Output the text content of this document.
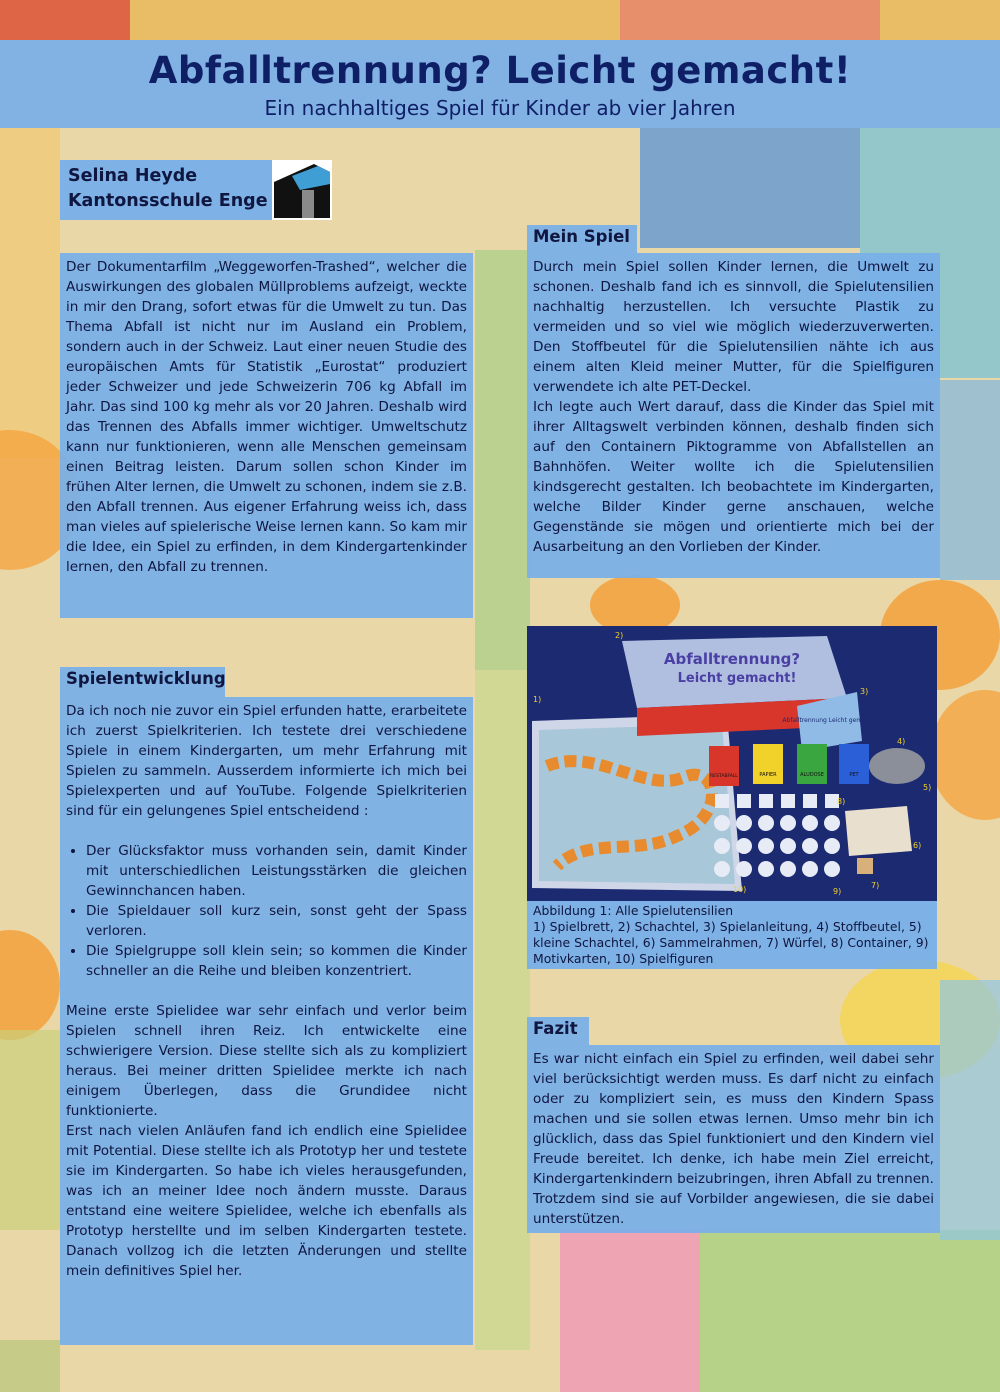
Abfalltrennung? Leicht gemacht!
Ein nachhaltiges Spiel für Kinder ab vier Jahren
Selina Heyde
Kantonsschule Enge
Der Dokumentarfilm „Weggeworfen-Trashed“, welcher die Auswirkungen des globalen Müllproblems aufzeigt, weckte in mir den Drang, sofort etwas für die Umwelt zu tun. Das Thema Abfall ist nicht nur im Ausland ein Problem, sondern auch in der Schweiz. Laut einer neuen Studie des europäischen Amts für Statistik „Eurostat“ produziert jeder Schweizer und jede Schweizerin 706 kg Abfall im Jahr. Das sind 100 kg mehr als vor 20 Jahren. Deshalb wird das Trennen des Abfalls immer wichtiger. Umweltschutz kann nur funktionieren, wenn alle Menschen gemeinsam einen Beitrag leisten. Darum sollen schon Kinder im frühen Alter lernen, die Umwelt zu schonen, indem sie z.B. den Abfall trennen. Aus eigener Erfahrung weiss ich, dass man vieles auf spielerische Weise lernen kann. So kam mir die Idee, ein Spiel zu erfinden, in dem Kindergartenkinder lernen, den Abfall zu trennen.
Mein Spiel

Durch mein Spiel sollen Kinder lernen, die Umwelt zu schonen. Deshalb fand ich es sinnvoll, die Spielutensilien nachhaltig herzustellen. Ich versuchte Plastik zu vermeiden und so viel wie möglich wiederzuverwerten. Den Stoffbeutel für die Spielutensilien nähte ich aus einem alten Kleid meiner Mutter, für die Spielfiguren verwendete ich alte PET-Deckel.

Ich legte auch Wert darauf, dass die Kinder das Spiel mit ihrer Alltagswelt verbinden können, deshalb finden sich auf den Containern Piktogramme von Abfallstellen an Bahnhöfen. Weiter wollte ich die Spielutensilien kindsgerecht gestalten. Ich beobachtete im Kindergarten, welche Bilder Kinder gerne anschauen, welche Gegenstände sie mögen und orientierte mich bei der Ausarbeitung an den Vorlieben der Kinder.

Spielentwicklung

Da ich noch nie zuvor ein Spiel erfunden hatte, erarbeitete ich zuerst Spielkriterien. Ich testete drei verschiedene Spiele in einem Kindergarten, um mehr Erfahrung mit Spielen zu sammeln. Ausserdem informierte ich mich bei Spielexperten und auf YouTube. Folgende Spielkriterien sind für ein gelungenes Spiel entscheidend :

• Der Glücksfaktor muss vorhanden sein, damit Kinder mit unterschiedlichen Leistungsstärken die gleichen Gewinnchancen haben.
• Die Spieldauer soll kurz sein, sonst geht der Spass verloren.
• Die Spielgruppe soll klein sein; so kommen die Kinder schneller an die Reihe und bleiben konzentriert.

Meine erste Spielidee war sehr einfach und verlor beim Spielen schnell ihren Reiz. Ich entwickelte eine schwierigere Version. Diese stellte sich als zu kompliziert heraus. Bei meiner dritten Spielidee merkte ich nach einigem Überlegen, dass die Grundidee nicht funktionierte.

Erst nach vielen Anläufen fand ich endlich eine Spielidee mit Potential. Diese stellte ich als Prototyp her und testete sie im Kindergarten. So habe ich vieles herausgefunden, was ich an meiner Idee noch ändern musste. Daraus entstand eine weitere Spielidee, welche ich ebenfalls als Prototyp herstellte und im selben Kindergarten testete. Danach vollzog ich die letzten Änderungen und stellte mein definitives Spiel her.

Abfalltrennung?
Leicht gemacht!
Abfalltrennung Leicht gemacht!
RESTABFALL	PAPIER	ALUDOSE	PET
1)
2)
3)
4)
5)
6)
7)
8)
9)
10)
Abbildung 1: Alle Spielutensilien
1) Spielbrett, 2) Schachtel, 3) Spielanleitung, 4) Stoffbeutel, 5) kleine Schachtel, 6) Sammelrahmen, 7) Würfel, 8) Container, 9) Motivkarten, 10) Spielfiguren
Fazit
Es war nicht einfach ein Spiel zu erfinden, weil dabei sehr viel berücksichtigt werden muss. Es darf nicht zu einfach oder zu kompliziert sein, es muss den Kindern Spass machen und sie sollen etwas lernen. Umso mehr bin ich glücklich, dass das Spiel funktioniert und den Kindern viel Freude bereitet. Ich denke, ich habe mein Ziel erreicht, Kindergartenkindern beizubringen, ihren Abfall zu trennen. Trotzdem sind sie auf Vorbilder angewiesen, die sie dabei unterstützen.
